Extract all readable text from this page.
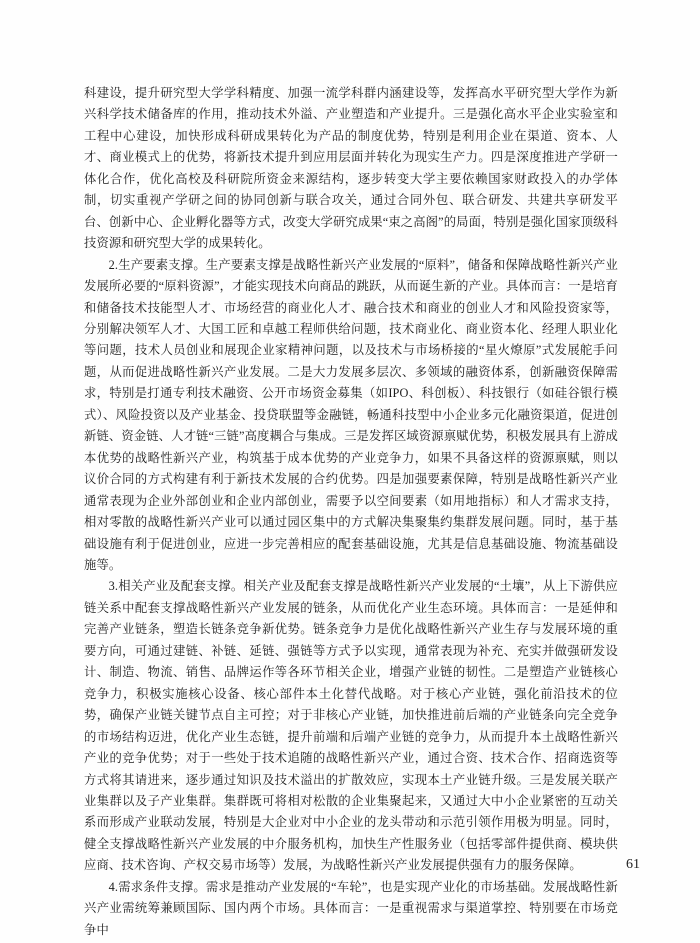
科建设，提升研究型大学学科精度、加强一流学科群内涵建设等，发挥高水平研究型大学作为新兴科学技术储备库的作用，推动技术外溢、产业塑造和产业提升。三是强化高水平企业实验室和工程中心建设，加快形成科研成果转化为产品的制度优势，特别是利用企业在渠道、资本、人才、商业模式上的优势，将新技术提升到应用层面并转化为现实生产力。四是深度推进产学研一体化合作，优化高校及科研院所资金来源结构，逐步转变大学主要依赖国家财政投入的办学体制，切实重视产学研之间的协同创新与联合攻关，通过合同外包、联合研发、共建共享研发平台、创新中心、企业孵化器等方式，改变大学研究成果“束之高阁”的局面，特别是强化国家顶级科技资源和研究型大学的成果转化。

2.生产要素支撑。生产要素支撑是战略性新兴产业发展的“原料”，储备和保障战略性新兴产业发展所必要的“原料资源”，才能实现技术向商品的跳跃，从而诞生新的产业。具体而言：一是培育和储备技术技能型人才、市场经营的商业化人才、融合技术和商业的创业人才和风险投资家等，分别解决领军人才、大国工匠和卓越工程师供给问题，技术商业化、商业资本化、经理人职业化等问题，技术人员创业和展现企业家精神问题，以及技术与市场桥接的“星火燎原”式发展舵手问题，从而促进战略性新兴产业发展。二是大力发展多层次、多领域的融资体系，创新融资保障需求，特别是打通专利技术融资、公开市场资金募集（如IPO、科创板）、科技银行（如硅谷银行模式）、风险投资以及产业基金、投贷联盟等金融链，畅通科技型中小企业多元化融资渠道，促进创新链、资金链、人才链“三链”高度耦合与集成。三是发挥区域资源禀赋优势，积极发展具有上游成本优势的战略性新兴产业，构筑基于成本优势的产业竞争力，如果不具备这样的资源禀赋，则以议价合同的方式构建有利于新技术发展的合约优势。四是加强要素保障，特别是战略性新兴产业通常表现为企业外部创业和企业内部创业，需要予以空间要素（如用地指标）和人才需求支持，相对零散的战略性新兴产业可以通过园区集中的方式解决集聚集约集群发展问题。同时，基于基础设施有利于促进创业，应进一步完善相应的配套基础设施，尤其是信息基础设施、物流基础设施等。

3.相关产业及配套支撑。相关产业及配套支撑是战略性新兴产业发展的“土壤”，从上下游供应链关系中配套支撑战略性新兴产业发展的链条，从而优化产业生态环境。具体而言：一是延伸和完善产业链条，塑造长链条竞争新优势。链条竞争力是优化战略性新兴产业生存与发展环境的重要方向，可通过建链、补链、延链、强链等方式予以实现，通常表现为补充、充实并做强研发设计、制造、物流、销售、品牌运作等各环节相关企业，增强产业链的韧性。二是塑造产业链核心竞争力，积极实施核心设备、核心部件本土化替代战略。对于核心产业链，强化前沿技术的位势，确保产业链关键节点自主可控；对于非核心产业链，加快推进前后端的产业链条向完全竞争的市场结构迈进，优化产业生态链，提升前端和后端产业链的竞争力，从而提升本土战略性新兴产业的竞争优势；对于一些处于技术追随的战略性新兴产业，通过合资、技术合作、招商选资等方式将其请进来，逐步通过知识及技术溢出的扩散效应，实现本土产业链升级。三是发展关联产业集群以及子产业集群。集群既可将相对松散的企业集聚起来，又通过大中小企业紧密的互动关系而形成产业联动发展，特别是大企业对中小企业的龙头带动和示范引领作用极为明显。同时，健全支撑战略性新兴产业发展的中介服务机构，加快生产性服务业（包括零部件提供商、模块供应商、技术咨询、产权交易市场等）发展，为战略性新兴产业发展提供强有力的服务保障。

4.需求条件支撑。需求是推动产业发展的“车轮”，也是实现产业化的市场基础。发展战略性新兴产业需统筹兼顾国际、国内两个市场。具体而言：一是重视需求与渠道掌控、特别要在市场竞争中

61
